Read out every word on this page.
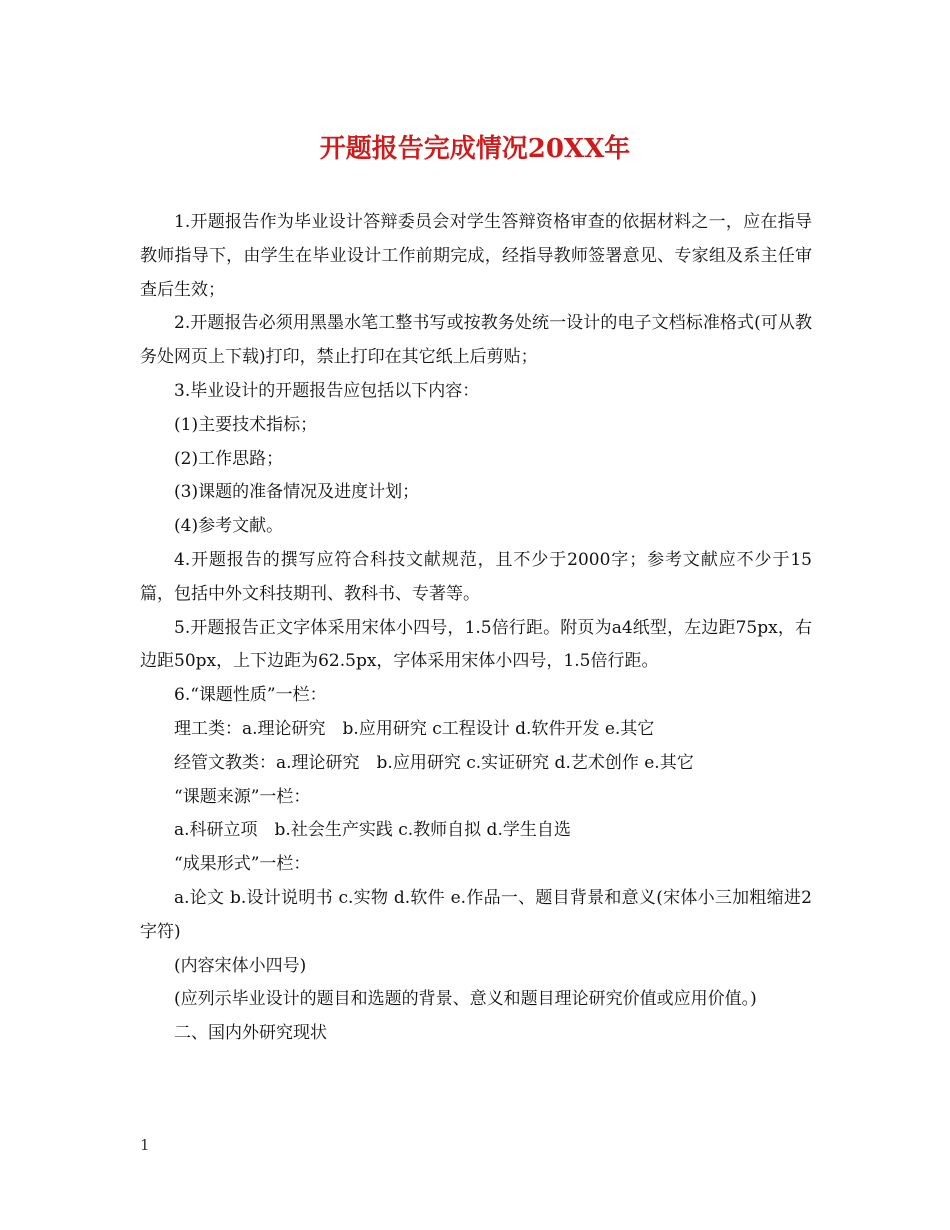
开题报告完成情况20XX年

1.开题报告作为毕业设计答辩委员会对学生答辩资格审查的依据材料之一，应在指导教师指导下，由学生在毕业设计工作前期完成，经指导教师签署意见、专家组及系主任审查后生效；

2.开题报告必须用黑墨水笔工整书写或按教务处统一设计的电子文档标准格式(可从教务处网页上下载)打印，禁止打印在其它纸上后剪贴；

3.毕业设计的开题报告应包括以下内容：

(1)主要技术指标；

(2)工作思路；

(3)课题的准备情况及进度计划；

(4)参考文献。

4.开题报告的撰写应符合科技文献规范，且不少于2000字；参考文献应不少于15篇，包括中外文科技期刊、教科书、专著等。

5.开题报告正文字体采用宋体小四号，1.5倍行距。附页为a4纸型，左边距75px，右边距50px，上下边距为62.5px，字体采用宋体小四号，1.5倍行距。

6.“课题性质”一栏：

理工类：a.理论研究　b.应用研究 c工程设计 d.软件开发 e.其它

经管文教类：a.理论研究　b.应用研究 c.实证研究 d.艺术创作 e.其它

“课题来源”一栏：

a.科研立项　b.社会生产实践 c.教师自拟 d.学生自选

“成果形式”一栏：

a.论文 b.设计说明书 c.实物 d.软件 e.作品一、题目背景和意义(宋体小三加粗缩进2字符)

(内容宋体小四号)

(应列示毕业设计的题目和选题的背景、意义和题目理论研究价值或应用价值。)

二、国内外研究现状

1
